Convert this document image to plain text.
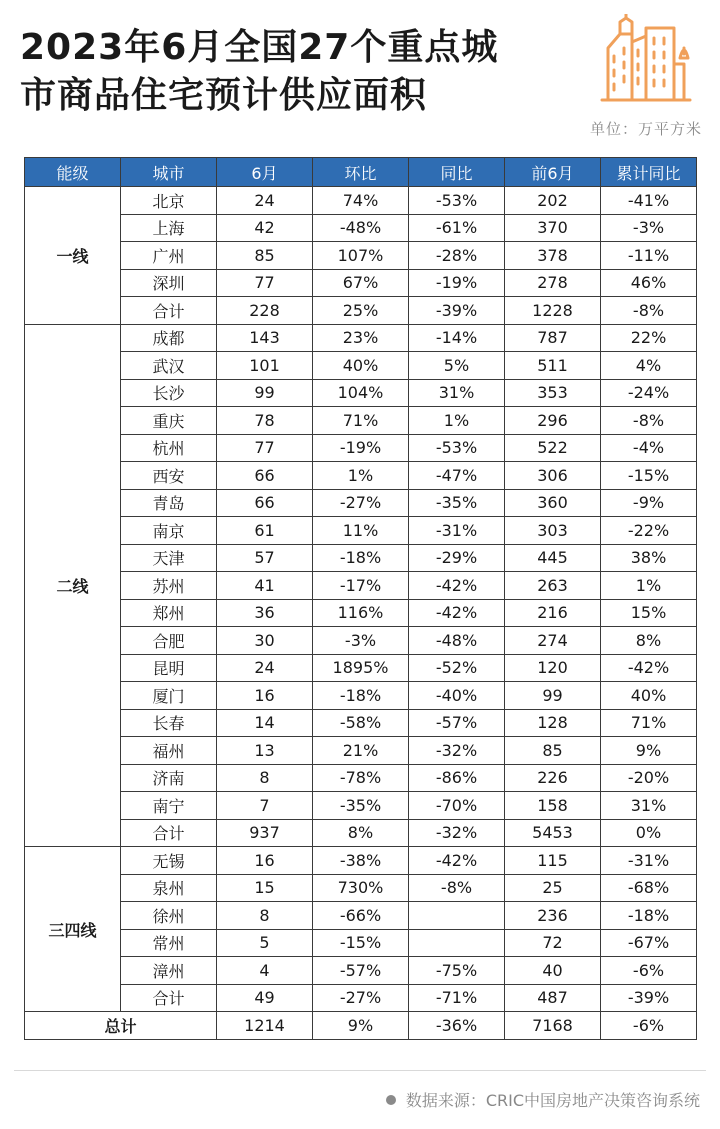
2023年6月全国27个重点城
市商品住宅预计供应面积
单位：万平方米
能级	城市	6月	环比	同比	前6月	累计同比
一线	北京	24	74%	-53%	202	-41%
	上海	42	-48%	-61%	370	-3%
	广州	85	107%	-28%	378	-11%
	深圳	77	67%	-19%	278	46%
	合计	228	25%	-39%	1228	-8%
二线	成都	143	23%	-14%	787	22%
	武汉	101	40%	5%	511	4%
	长沙	99	104%	31%	353	-24%
	重庆	78	71%	1%	296	-8%
	杭州	77	-19%	-53%	522	-4%
	西安	66	1%	-47%	306	-15%
	青岛	66	-27%	-35%	360	-9%
	南京	61	11%	-31%	303	-22%
	天津	57	-18%	-29%	445	38%
	苏州	41	-17%	-42%	263	1%
	郑州	36	116%	-42%	216	15%
	合肥	30	-3%	-48%	274	8%
	昆明	24	1895%	-52%	120	-42%
	厦门	16	-18%	-40%	99	40%
	长春	14	-58%	-57%	128	71%
	福州	13	21%	-32%	85	9%
	济南	8	-78%	-86%	226	-20%
	南宁	7	-35%	-70%	158	31%
	合计	937	8%	-32%	5453	0%
三四线	无锡	16	-38%	-42%	115	-31%
	泉州	15	730%	-8%	25	-68%
	徐州	8	-66%		236	-18%
	常州	5	-15%		72	-67%
	漳州	4	-57%	-75%	40	-6%
	合计	49	-27%	-71%	487	-39%
总计		1214	9%	-36%	7168	-6%
数据来源：CRIC中国房地产决策咨询系统
